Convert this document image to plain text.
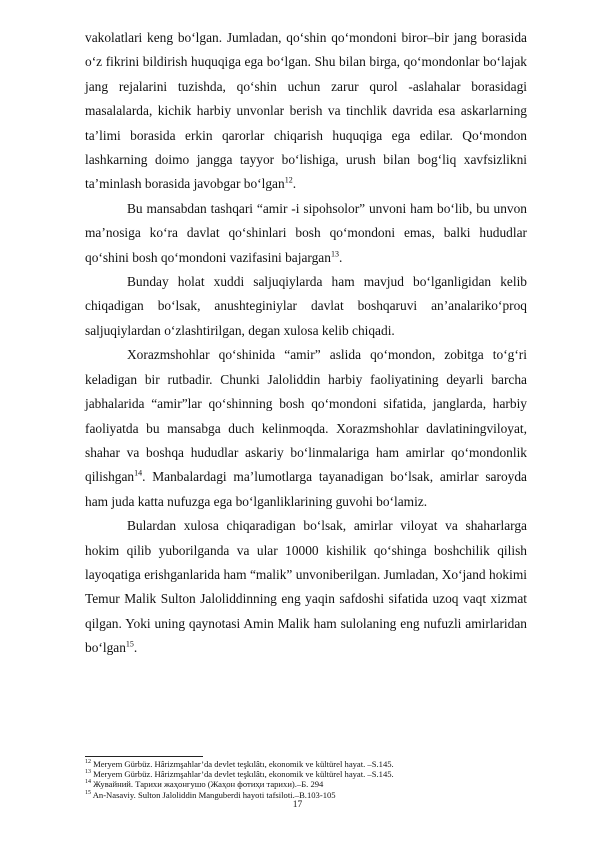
vakolatlari keng bo‘lgan. Jumladan, qo‘shin qo‘mondoni biror–bir jang borasida o‘z fikrini bildirish huquqiga ega bo‘lgan. Shu bilan birga, qo‘mondonlar bo‘lajak jang rejalarini tuzishda, qo‘shin uchun zarur qurol -aslahalar borasidagi masalalarda, kichik harbiy unvonlar berish va tinchlik davrida esa askarlarning ta’limi borasida erkin qarorlar chiqarish huquqiga ega edilar. Qo‘mondon lashkarning doimo jangga tayyor bo‘lishiga, urush bilan bog‘liq xavfsizlikni ta’minlash borasida javobgar bo‘lgan$^{12}$.

Bu mansabdan tashqari “amir -i sipohsolor” unvoni ham bo‘lib, bu unvon ma’nosiga ko‘ra davlat qo‘shinlari bosh qo‘mondoni emas, balki hududlar qo‘shini bosh qo‘mondoni vazifasini bajargan$^{13}$.

Bunday holat xuddi saljuqiylarda ham mavjud bo‘lganligidan kelib chiqadigan bo‘lsak, anushteginiylar davlat boshqaruvi an’analariko‘proq saljuqiylardan o‘zlashtirilgan, degan xulosa kelib chiqadi.

Xorazmshohlar qo‘shinida “amir” aslida qo‘mondon, zobitga to‘g‘ri keladigan bir rutbadir. Chunki Jaloliddin harbiy faoliyatining deyarli barcha jabhalarida “amir”lar qo‘shinning bosh qo‘mondoni sifatida, janglarda, harbiy faoliyatda bu mansabga duch kelinmoqda. Xorazmshohlar davlatiningviloyat, shahar va boshqa hududlar askariy bo‘linmalariga ham amirlar qo‘mondonlik qilishgan$^{14}$. Manbalardagi ma’lumotlarga tayanadigan bo‘lsak, amirlar saroyda ham juda katta nufuzga ega bo‘lganliklarining guvohi bo‘lamiz.

Bulardan xulosa chiqaradigan bo‘lsak, amirlar viloyat va shaharlarga hokim qilib yuborilganda va ular 10000 kishilik qo‘shinga boshchilik qilish layoqatiga erishganlarida ham “malik” unvoniberilgan. Jumladan, Xo‘jand hokimi Temur Malik Sulton Jaloliddinning eng yaqin safdoshi sifatida uzoq vaqt xizmat qilgan. Yoki uning qaynotasi Amin Malik ham sulolaning eng nufuzli amirlaridan bo‘lgan$^{15}$.

$^{12}$ Meryem Gürbüz. Hârizmşahlar’da devlet teşkılâtı, ekonomik ve kültürel hayat. –S.145.
$^{13}$ Meryem Gürbüz. Hârizmşahlar’da devlet teşkılâtı, ekonomik ve kültürel hayat. –S.145.
$^{14}$ Жувайний. Тарихи жаҳонгушо (Жаҳон фотиҳи тарихи).–Б. 294
$^{15}$ An-Nasaviy. Sulton Jaloliddin Manguberdi hayoti tafsiloti.–B.103-105
17
